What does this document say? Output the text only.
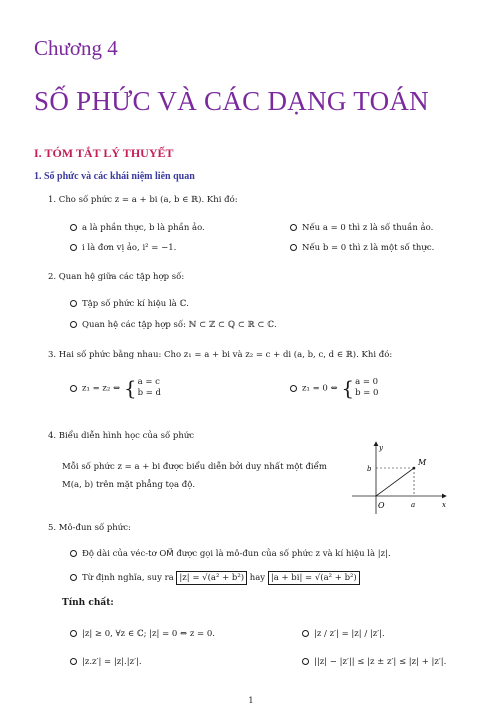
Chương 4
SỐ PHỨC VÀ CÁC DẠNG TOÁN
I. TÓM TẮT LÝ THUYẾT
1. Số phức và các khái niệm liên quan
1. Cho số phức z = a + bi (a, b ∈ ℝ). Khi đó:
a là phần thực, b là phần ảo.	Nếu a = 0 thì z là số thuần ảo.
i là đơn vị ảo, i² = −1.	Nếu b = 0 thì z là một số thực.
2. Quan hệ giữa các tập hợp số:
Tập số phức kí hiệu là ℂ.
Quan hệ các tập hợp số: ℕ ⊂ ℤ ⊂ ℚ ⊂ ℝ ⊂ ℂ.
3. Hai số phức bằng nhau: Cho z₁ = a + bi và z₂ = c + di (a, b, c, d ∈ ℝ). Khi đó:
z₁ = z₂ ⇔ {a = c
b = d	z₁ = 0 ⇔ {a = 0
b = 0
4. Biểu diễn hình học của số phức
Mỗi số phức z = a + bi được biểu diễn bởi duy nhất một điểm
M(a, b) trên mặt phẳng tọa độ.
y
x
O
M
a
b
5. Mô-đun số phức:
Độ dài của véc-tơ OM⃗ được gọi là mô-đun của số phức z và kí hiệu là |z|.
Từ định nghĩa, suy ra |z| = √(a² + b²) hay |a + bi| = √(a² + b²)
Tính chất:
|z| ≥ 0, ∀z ∈ ℂ; |z| = 0 ⇔ z = 0.	|z / z′| = |z| / |z′|.
|z.z′| = |z|.|z′|.	||z| − |z′|| ≤ |z ± z′| ≤ |z| + |z′|.
1
